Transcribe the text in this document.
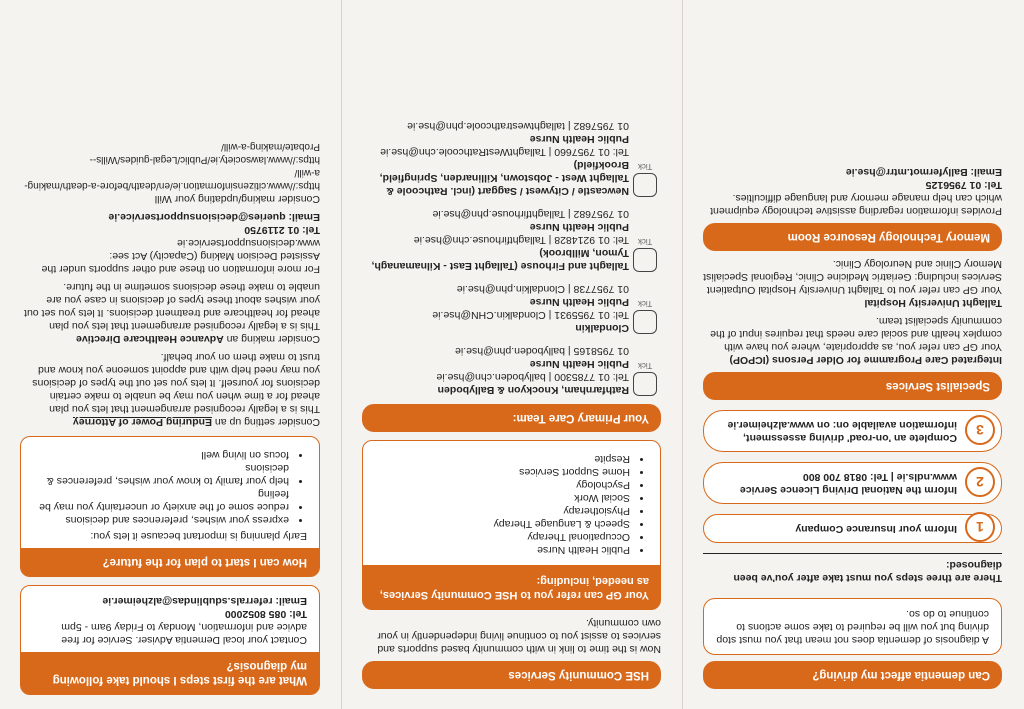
Can dementia affect my driving?
A diagnosis of dementia does not mean that you must stop driving but you will be required to take some actions to continue to do so.
There are three steps you must take after you've been diagnosed:
1
Inform your Insurance Company
2
Inform the National Driving Licence Service www.ndls.ie | Tel: 0818 700 800
3
Complete an 'on-road' driving assessment, information available on: on www.alzheimer.ie
Specialist Services

Integrated Care Programme for Older Persons (ICPOP)
Your GP can refer you, as appropriate, where you have with complex health and social care needs that requires input of the community specialist team.

Tallaght University Hospital
Your GP can refer you to Tallaght University Hospital Outpatient Services including: Geriatric Medicine Clinic, Regional Specialist Memory Clinic and Neurology Clinic.

Memory Technology Resource Room

Provides information regarding assistive technology equipment which can help manage memory and language difficulties.
Tel: 01 7956125
Email: Ballyfermot.mtrr@hse.ie

HSE Community Services

Now is the time to link in with community based supports and services to assist you to continue living independently in your own community.

Your GP can refer you to HSE Community Services, as needed, including:
• Public Health Nurse
• Occupational Therapy
• Speech & Language Therapy
• Physiotherapy
• Social Work
• Psychology
• Home Support Services
• Respite
Your Primary Care Team:
Tick
Rathfarnham, Knockyon & Ballyboden
Tel: 01 7785300 | ballyboden.chn@hse.ie
Public Health Nurse
01 7958165 | ballyboden.phn@hse.ie
Tick
Clondalkin
Tel: 01 7955931 | Clondalkin.CHN@hse.ie
Public Health Nurse
01 7957738 | Clondalkin.phn@hse.ie
Tick
Tallaght and Firhouse (Tallaght East - Kilnamanagh, Tymon, Millbrook)
Tel: 01 9214828 | Tallaghtfirhouse.chn@hse.ie
Public Health Nurse
01 7957682 | Tallaghtfirhouse.phn@hse.ie
Tick
Newcastle / Citywest / Saggart (incl. Rathcoole & Tallaght West - Jobstown, Killinarden, Springfield, Brookfield)
Tel: 01 7957660 | TallaghtWestRathcoole.chn@hse.ie
Public Health Nurse
01 7957682 | tallaghtwestrathcoole.phn@hse.ie
What are the first steps I should take following my diagnosis?
Contact your local Dementia Adviser. Service for free advice and information, Monday to Friday 9am - 5pm
Tel: 085 8052000
Email: referrals.sdublindas@alzheimer.ie
How can I start to plan for the future?
Early planning is important because it lets you:
• express your wishes, preferences and decisions
• reduce some of the anxiety or uncertainty you may be feeling
• help your family to know your wishes, preferences & decisions
• focus on living well

Consider setting up an Enduring Power of Attorney
This is a legally recognised arrangement that lets you plan ahead for a time when you may be unable to make certain decisions for yourself. It lets you set out the types of decisions you may need help with and appoint someone you know and trust to make them on your behalf.

Consider making an Advance Healthcare Directive
This is a legally recognised arrangement that lets you plan ahead for healthcare and treatment decisions. It lets you set out your wishes about these types of decisions in case you are unable to make these decisions sometime in the future.

For more information on these and other supports under the Assisted Decision Making (Capacity) Act see: www.decisionsupportservice.ie
Tel: 01 2119750
Email: queries@decisionsupportservice.ie

Consider making/updating your Will
https://www.citizensinformation.ie/en/death/before-a-death/making-a-will/
https://www.lawsociety.ie/Public/Legal-guides/Wills--Probate/making-a-will/
